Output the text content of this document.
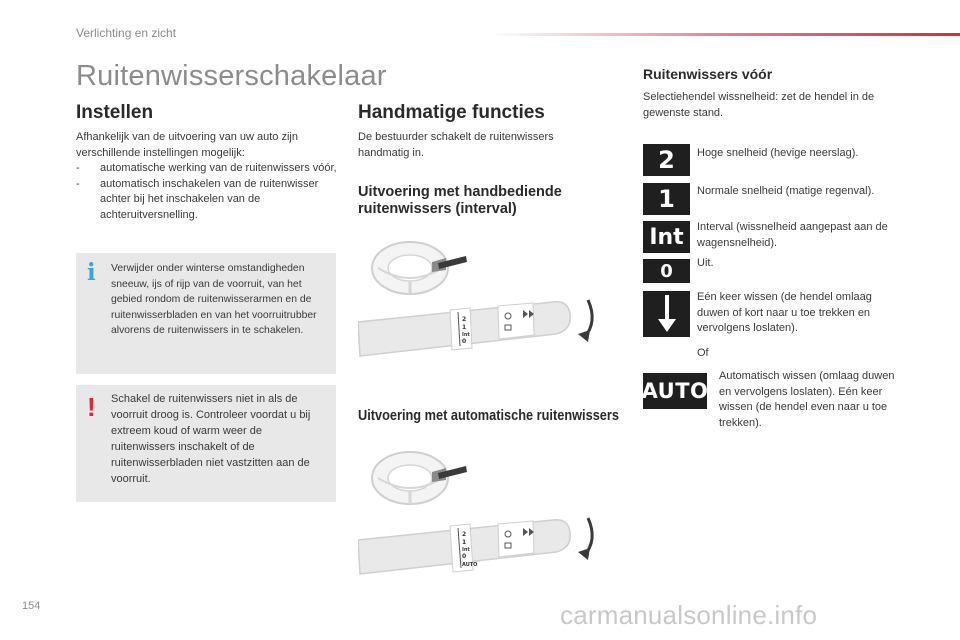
Verlichting en zicht
Ruitenwisserschakelaar
Instellen
Afhankelijk van de uitvoering van uw auto zijn verschillende instellingen mogelijk:
- automatische werking van de ruitenwissers vóór,
- automatisch inschakelen van de ruitenwisser achter bij het inschakelen van de achteruitversnelling.
i Verwijder onder winterse omstandigheden sneeuw, ijs of rijp van de voorruit, van het gebied rondom de ruitenwisserarmen en de ruitenwisserbladen en van het voorruitrubber alvorens de ruitenwissers in te schakelen.
! Schakel de ruitenwissers niet in als de voorruit droog is. Controleer voordat u bij extreem koud of warm weer de ruitenwissers inschakelt of de ruitenwisserbladen niet vastzitten aan de voorruit.
Handmatige functies
De bestuurder schakelt de ruitenwissers handmatig in.
Uitvoering met handbediende ruitenwissers (interval)
2
1
Int
0
Uitvoering met automatische ruitenwissers
2
1
Int
0
AUTO
Ruitenwissers vóór
Selectiehendel wissnelheid: zet de hendel in de gewenste stand.
2	Hoge snelheid (hevige neerslag).
1	Normale snelheid (matige regenval).
Int	Interval (wissnelheid aangepast aan de wagensnelheid).
0	Uit.
Eén keer wissen (de hendel omlaag duwen of kort naar u toe trekken en vervolgens loslaten).
Of
AUTO
Automatisch wissen (omlaag duwen en vervolgens loslaten). Eén keer wissen (de hendel even naar u toe trekken).
154	carmanualsonline.info
